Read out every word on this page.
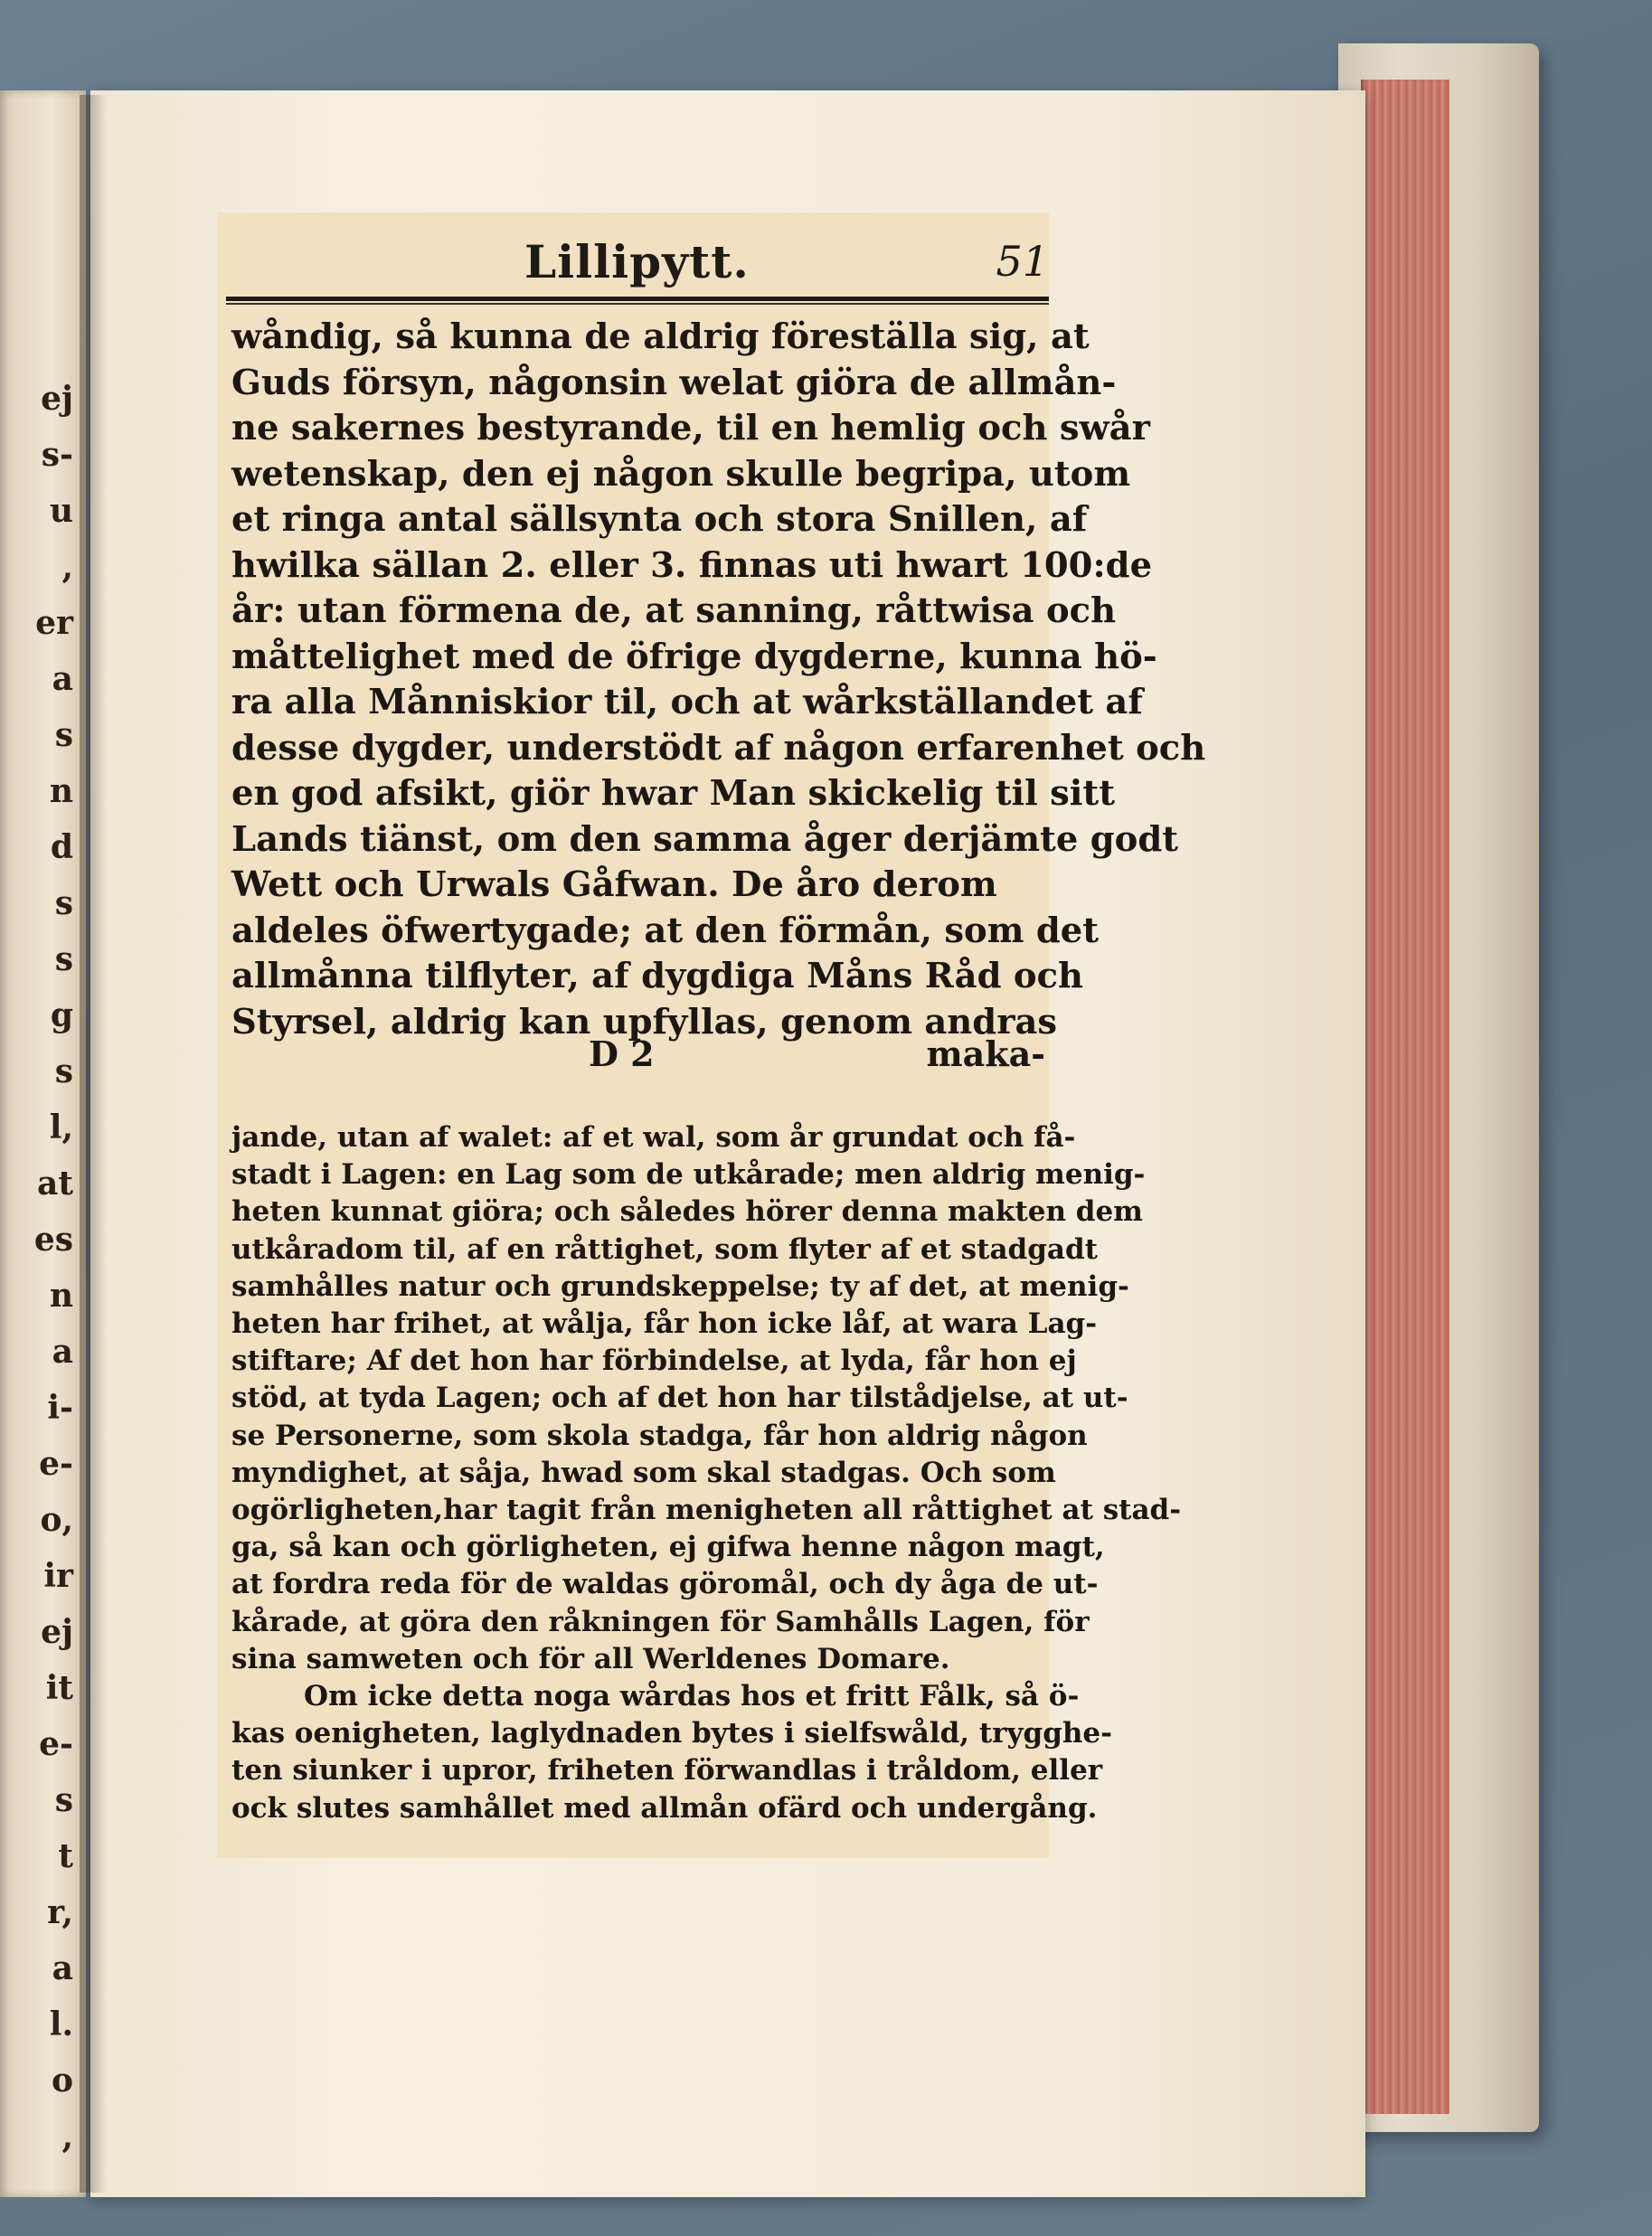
ej
s-
u
,
er
a
s
n
d
s
s
g
s
l,
at
es
n
a
i-
e-
o,
ir
ej
it
e-
s
t
r,
a
l.
o
,
Lillipytt.	51
wåndig, så kunna de aldrig föreställa sig, at
Guds försyn, någonsin welat giöra de allmån-
ne sakernes bestyrande, til en hemlig och swår
wetenskap, den ej någon skulle begripa, utom
et ringa antal sällsynta och stora Snillen, af
hwilka sällan 2. eller 3. finnas uti hwart 100:de
år: utan förmena de, at sanning, råttwisa och
måttelighet med de öfrige dygderne, kunna hö-
ra alla Månniskior til, och at wårkställandet af
desse dygder, understödt af någon erfarenhet och
en god afsikt, giör hwar Man skickelig til sitt
Lands tiänst, om den samma åger derjämte godt
Wett och Urwals Gåfwan. De åro derom
aldeles öfwertygade; at den förmån, som det
allmånna tilflyter, af dygdiga Måns Råd och
Styrsel, aldrig kan upfyllas, genom andras
D 2	maka-
jande, utan af walet: af et wal, som år grundat och få-
stadt i Lagen: en Lag som de utkårade; men aldrig menig-
heten kunnat giöra; och således hörer denna makten dem
utkåradom til, af en råttighet, som flyter af et stadgadt
samhålles natur och grundskeppelse; ty af det, at menig-
heten har frihet, at wålja, får hon icke låf, at wara Lag-
stiftare; Af det hon har förbindelse, at lyda, får hon ej
stöd, at tyda Lagen; och af det hon har tilstådjelse, at ut-
se Personerne, som skola stadga, får hon aldrig någon
myndighet, at såja, hwad som skal stadgas. Och som
ogörligheten,har tagit från menigheten all råttighet at stad-
ga, så kan och görligheten, ej gifwa henne någon magt,
at fordra reda för de waldas göromål, och dy åga de ut-
kårade, at göra den råkningen för Samhålls Lagen, för
sina samweten och för all Werldenes Domare.
Om icke detta noga wårdas hos et fritt Fålk, så ö-
kas oenigheten, laglydnaden bytes i sielfswåld, trygghe-
ten siunker i upror, friheten förwandlas i tråldom, eller
ock slutes samhållet med allmån ofärd och undergång.
